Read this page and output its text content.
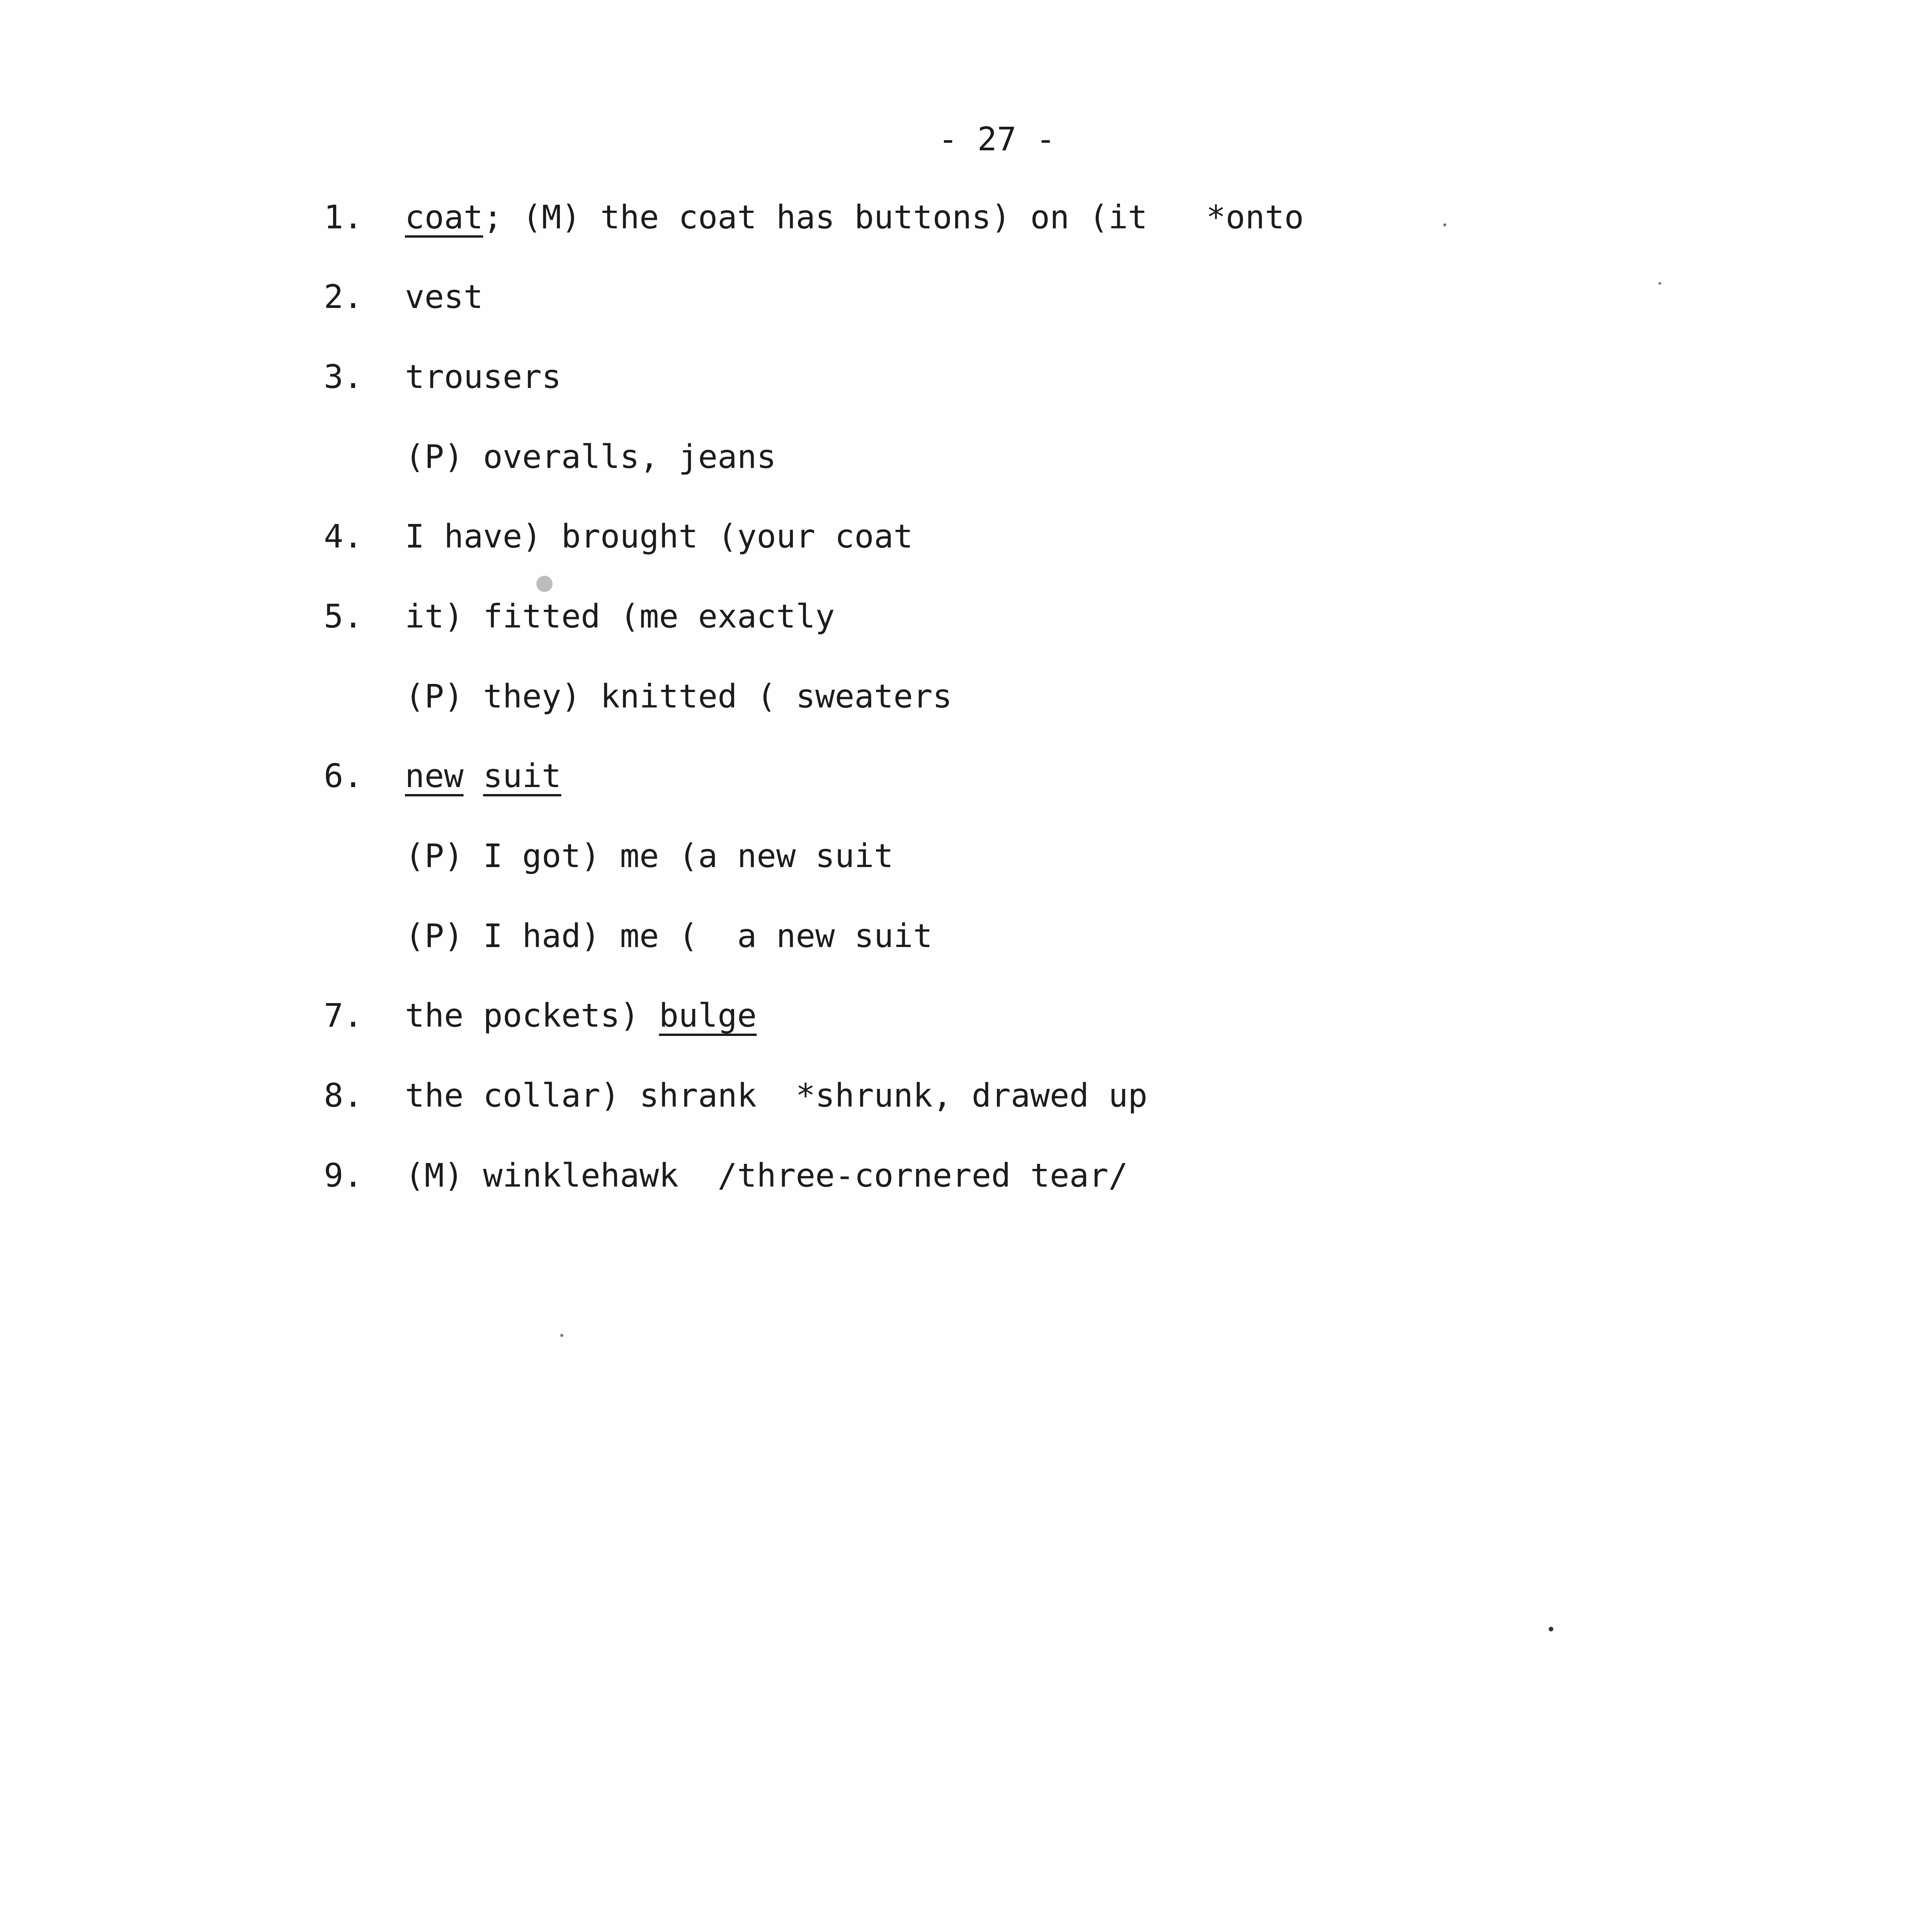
- 27 -
1. coat; (M) the coat has buttons) on (it   *onto
2. vest
3. trousers
(P) overalls, jeans
4. I have) brought (your coat
5. it) fitted (me exactly
(P) they) knitted ( sweaters
6. new suit
(P) I got) me (a new suit
(P) I had) me (  a new suit
7. the pockets) bulge
8. the collar) shrank  *shrunk, drawed up
9. (M) winklehawk  /three-cornered tear/
